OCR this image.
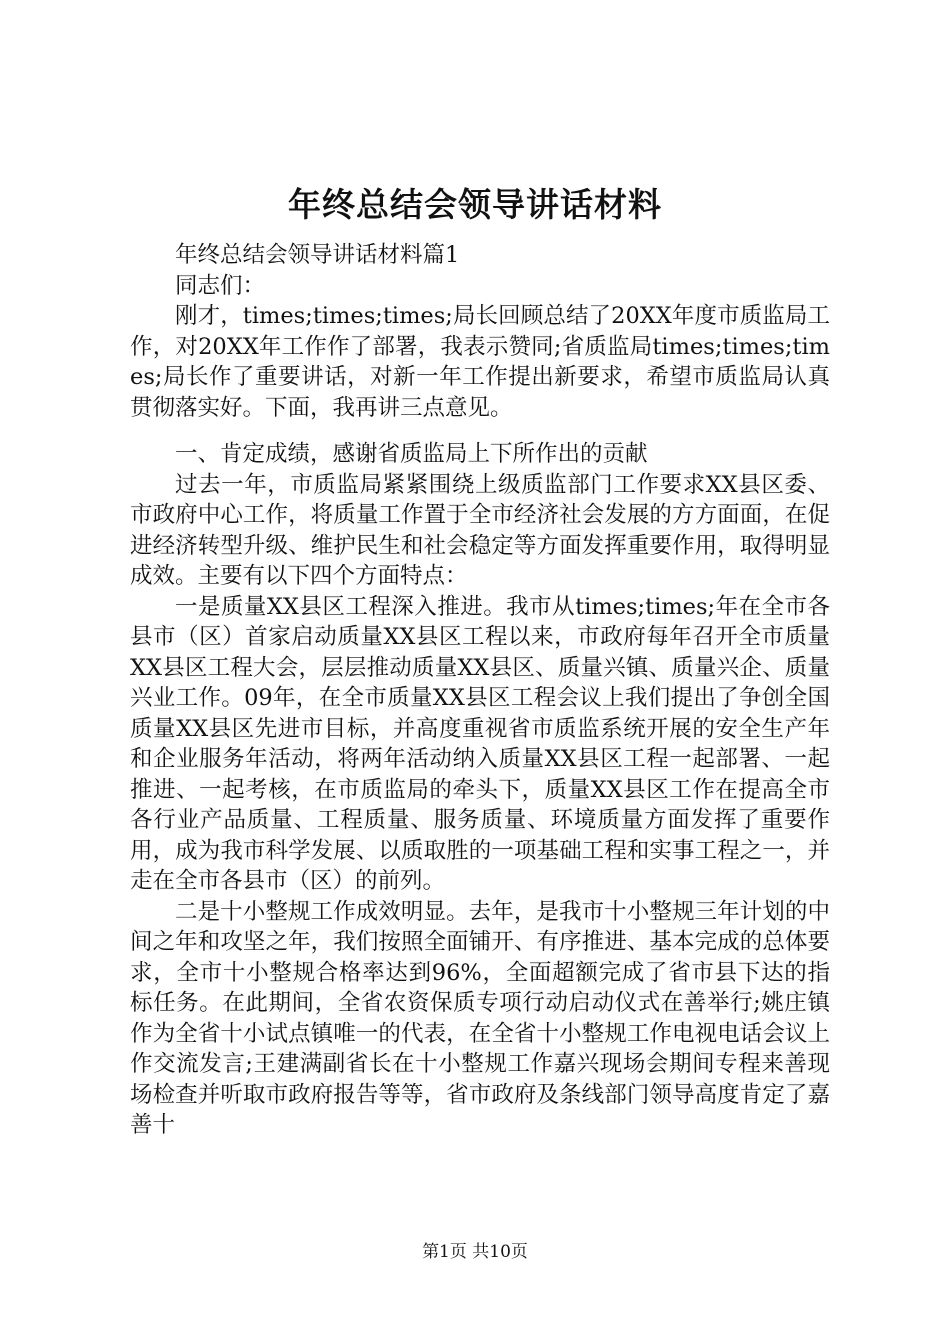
年终总结会领导讲话材料

年终总结会领导讲话材料篇1

同志们：

刚才，times;times;times;局长回顾总结了20XX年度市质监局工作，对20XX年工作作了部署，我表示赞同;省质监局times;times;times;局长作了重要讲话，对新一年工作提出新要求，希望市质监局认真贯彻落实好。下面，我再讲三点意见。

一、肯定成绩，感谢省质监局上下所作出的贡献

过去一年，市质监局紧紧围绕上级质监部门工作要求XX县区委、市政府中心工作，将质量工作置于全市经济社会发展的方方面面，在促进经济转型升级、维护民生和社会稳定等方面发挥重要作用，取得明显成效。主要有以下四个方面特点：

一是质量XX县区工程深入推进。我市从times;times;年在全市各县市（区）首家启动质量XX县区工程以来，市政府每年召开全市质量XX县区工程大会，层层推动质量XX县区、质量兴镇、质量兴企、质量兴业工作。09年，在全市质量XX县区工程会议上我们提出了争创全国质量XX县区先进市目标，并高度重视省市质监系统开展的安全生产年和企业服务年活动，将两年活动纳入质量XX县区工程一起部署、一起推进、一起考核，在市质监局的牵头下，质量XX县区工作在提高全市各行业产品质量、工程质量、服务质量、环境质量方面发挥了重要作用，成为我市科学发展、以质取胜的一项基础工程和实事工程之一，并走在全市各县市（区）的前列。

二是十小整规工作成效明显。去年，是我市十小整规三年计划的中间之年和攻坚之年，我们按照全面铺开、有序推进、基本完成的总体要求，全市十小整规合格率达到96%，全面超额完成了省市县下达的指标任务。在此期间，全省农资保质专项行动启动仪式在善举行;姚庄镇作为全省十小试点镇唯一的代表，在全省十小整规工作电视电话会议上作交流发言;王建满副省长在十小整规工作嘉兴现场会期间专程来善现场检查并听取市政府报告等等，省市政府及条线部门领导高度肯定了嘉善十

第1页 共10页
